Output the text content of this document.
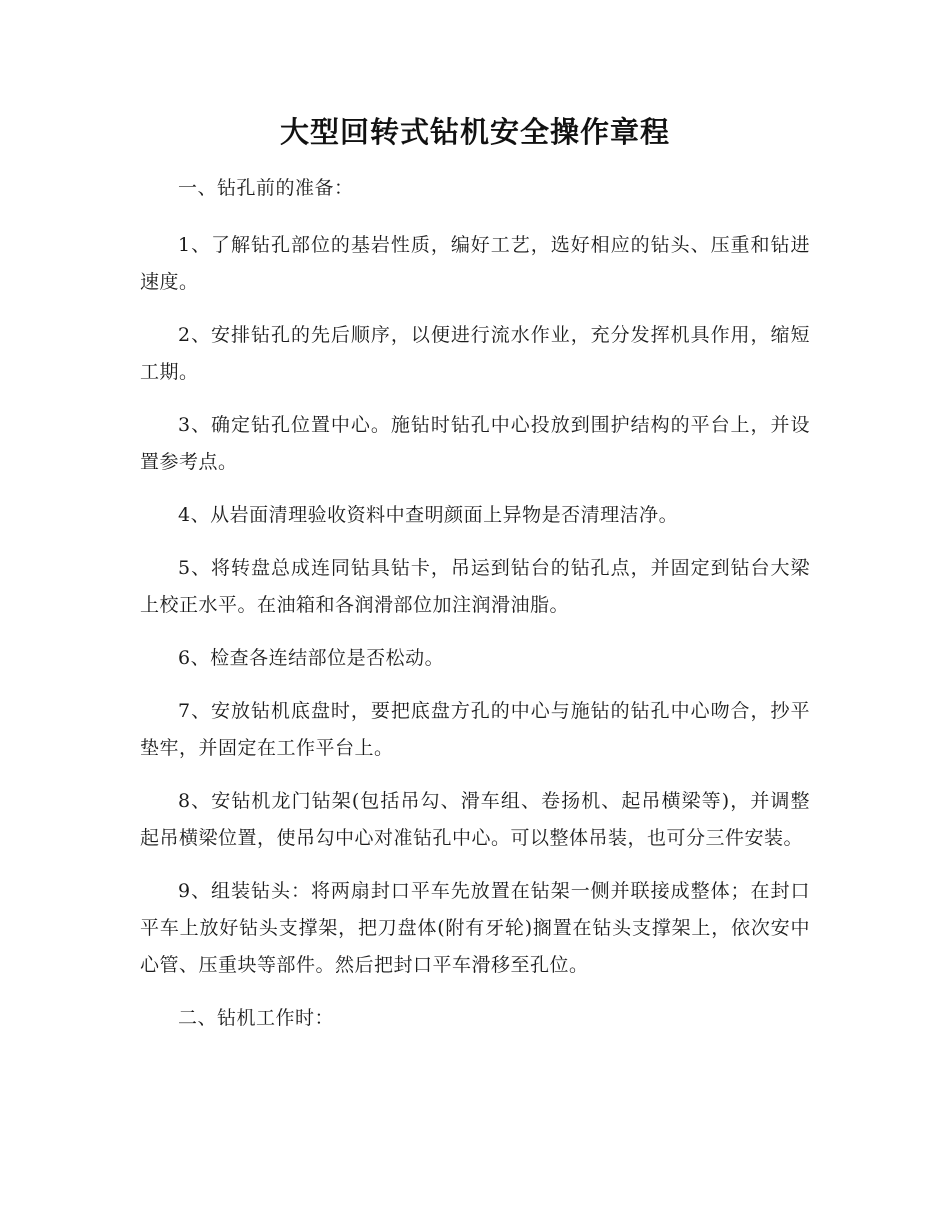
大型回转式钻机安全操作章程

一、钻孔前的准备：

1、了解钻孔部位的基岩性质，编好工艺，选好相应的钻头、压重和钻进速度。

2、安排钻孔的先后顺序，以便进行流水作业，充分发挥机具作用，缩短工期。

3、确定钻孔位置中心。施钻时钻孔中心投放到围护结构的平台上，并设置参考点。

4、从岩面清理验收资料中查明颜面上异物是否清理洁净。

5、将转盘总成连同钻具钻卡，吊运到钻台的钻孔点，并固定到钻台大梁上校正水平。在油箱和各润滑部位加注润滑油脂。

6、检查各连结部位是否松动。

7、安放钻机底盘时，要把底盘方孔的中心与施钻的钻孔中心吻合，抄平垫牢，并固定在工作平台上。

8、安钻机龙门钻架(包括吊勾、滑车组、卷扬机、起吊横梁等)，并调整起吊横梁位置，使吊勾中心对准钻孔中心。可以整体吊装，也可分三件安装。

9、组装钻头：将两扇封口平车先放置在钻架一侧并联接成整体；在封口平车上放好钻头支撑架，把刀盘体(附有牙轮)搁置在钻头支撑架上，依次安中心管、压重块等部件。然后把封口平车滑移至孔位。

二、钻机工作时：
